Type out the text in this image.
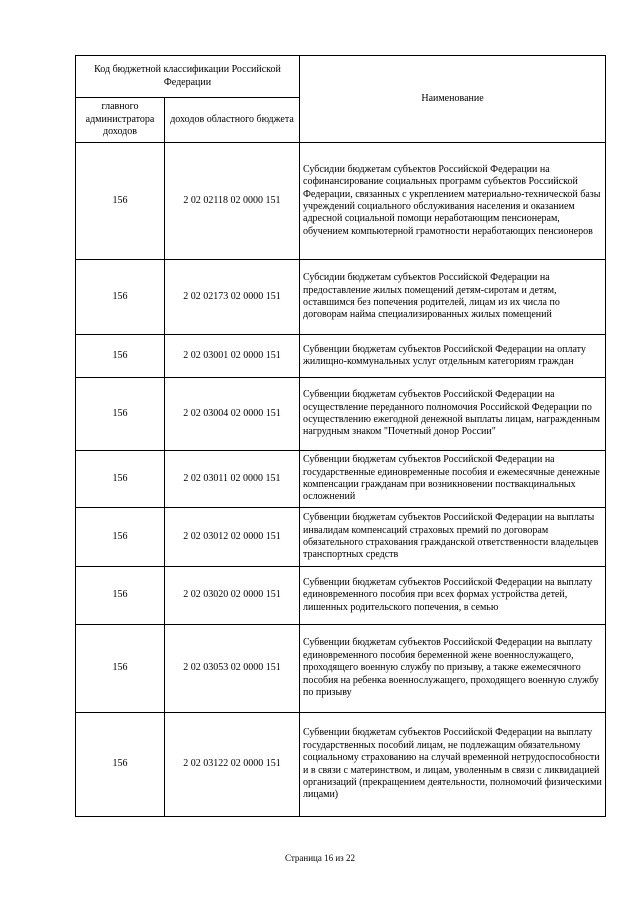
Код бюджетной классификации Российской Федерации		Наименование
главного администратора доходов	доходов областного бюджета	
156	2 02 02118 02 0000 151	Субсидии бюджетам субъектов Российской Федерации на софинансирование социальных программ субъектов Российской Федерации, связанных с укреплением материально-технической базы учреждений социального обслуживания населения и оказанием адресной социальной помощи неработающим пенсионерам, обучением компьютерной грамотности неработающих пенсионеров
156	2 02 02173 02 0000 151	Субсидии бюджетам субъектов Российской Федерации на предоставление жилых помещений детям-сиротам и детям, оставшимся без попечения родителей, лицам из их числа по договорам найма специализированных жилых помещений
156	2 02 03001 02 0000 151	Субвенции бюджетам субъектов Российской Федерации на оплату жилищно-коммунальных услуг отдельным категориям граждан
156	2 02 03004 02 0000 151	Субвенции бюджетам субъектов Российской Федерации на осуществление переданного полномочия Российской Федерации по осуществлению ежегодной денежной выплаты лицам, награжденным нагрудным знаком "Почетный донор России"
156	2 02 03011 02 0000 151	Субвенции бюджетам субъектов Российской Федерации на государственные единовременные пособия и ежемесячные денежные компенсации гражданам при возникновении поствакцинальных осложнений
156	2 02 03012 02 0000 151	Субвенции бюджетам субъектов Российской Федерации на выплаты инвалидам компенсаций страховых премий по договорам обязательного страхования гражданской ответственности владельцев транспортных средств
156	2 02 03020 02 0000 151	Субвенции бюджетам субъектов Российской Федерации на выплату единовременного пособия при всех формах устройства детей, лишенных родительского попечения, в семью
156	2 02 03053 02 0000 151	Субвенции бюджетам субъектов Российской Федерации на выплату единовременного пособия беременной жене военнослужащего, проходящего военную службу по призыву, а также ежемесячного пособия на ребенка военнослужащего, проходящего военную службу по призыву
156	2 02 03122 02 0000 151	Субвенции бюджетам субъектов Российской Федерации на выплату государственных пособий лицам, не подлежащим обязательному социальному страхованию на случай временной нетрудоспособности и в связи с материнством, и лицам, уволенным в связи с ликвидацией организаций (прекращением деятельности, полномочий физическими лицами)
Страница 16 из 22
